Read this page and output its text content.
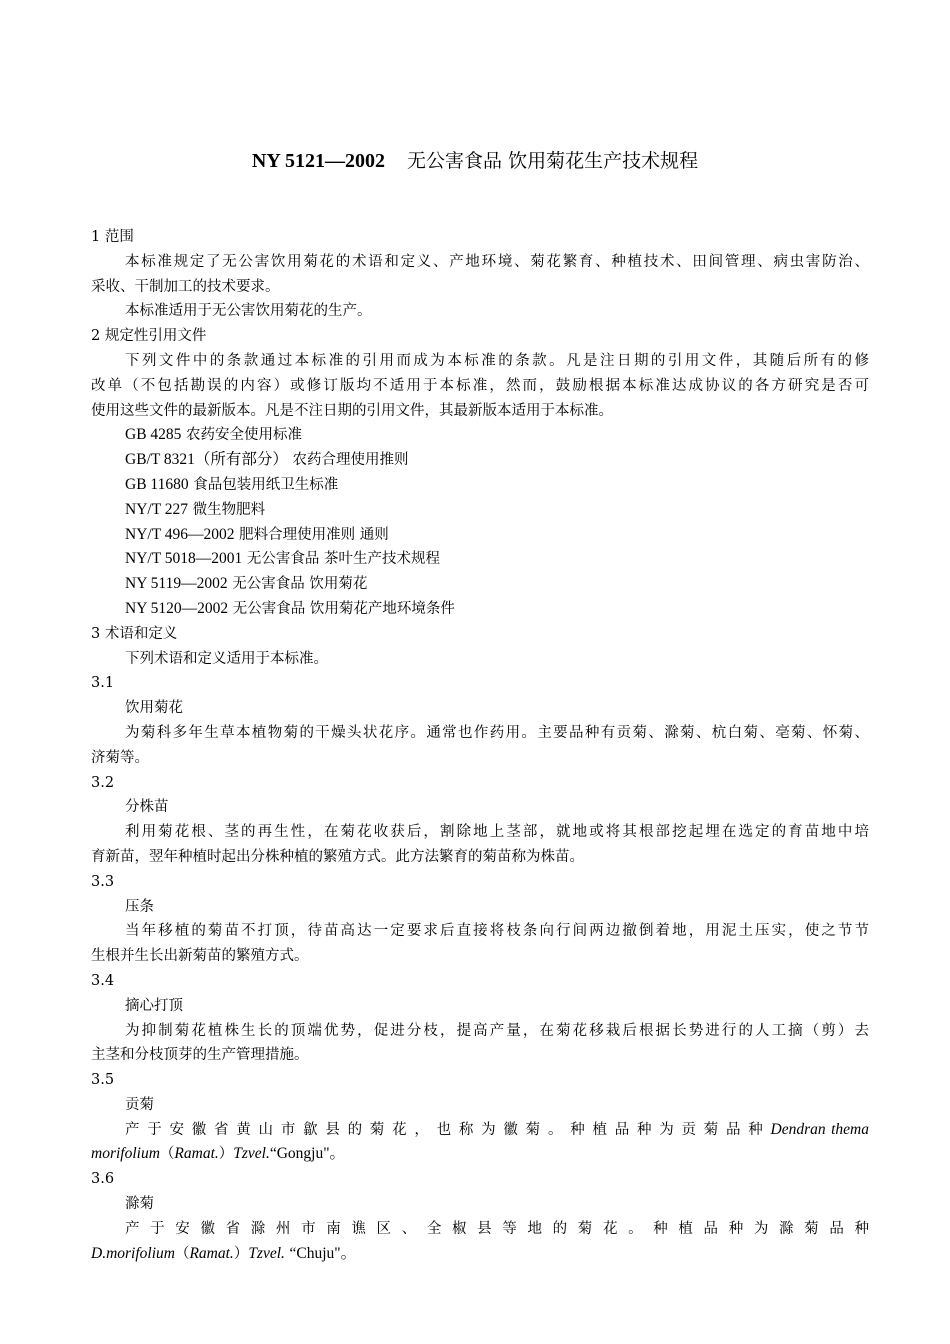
NY 5121—2002 无公害食品 饮用菊花生产技术规程
1 范围
本标准规定了无公害饮用菊花的术语和定义、产地环境、菊花繁育、种植技术、田间管理、病虫害防治、
采收、干制加工的技术要求。
本标准适用于无公害饮用菊花的生产。
2 规定性引用文件
下列文件中的条款通过本标准的引用而成为本标准的条款。凡是注日期的引用文件，其随后所有的修
改单（不包括勘误的内容）或修订版均不适用于本标准，然而，鼓励根据本标准达成协议的各方研究是否可
使用这些文件的最新版本。凡是不注日期的引用文件，其最新版本适用于本标准。
GB 4285 农药安全使用标准
GB/T 8321（所有部分） 农药合理使用推则
GB 11680 食品包装用纸卫生标准
NY/T 227 微生物肥料
NY/T 496—2002 肥料合理使用准则 通则
NY/T 5018—2001 无公害食品 茶叶生产技术规程
NY 5119—2002 无公害食品 饮用菊花
NY 5120—2002 无公害食品 饮用菊花产地环境条件
3 术语和定义
下列术语和定义适用于本标准。
3.1
饮用菊花
为菊科多年生草本植物菊的干燥头状花序。通常也作药用。主要品种有贡菊、滁菊、杭白菊、亳菊、怀菊、
济菊等。
3.2
分株苗
利用菊花根、茎的再生性，在菊花收获后，割除地上茎部，就地或将其根部挖起埋在选定的育苗地中培
育新苗，翌年种植时起出分株种植的繁殖方式。此方法繁育的菊苗称为株苗。
3.3
压条
当年移植的菊苗不打顶，待苗高达一定要求后直接将枝条向行间两边撤倒着地，用泥土压实，使之节节
生根并生长出新菊苗的繁殖方式。
3.4
摘心打顶
为抑制菊花植株生长的顶端优势，促进分枝，提高产量，在菊花移栽后根据长势进行的人工摘（剪）去
主茎和分枝顶芽的生产管理措施。
3.5
贡菊
产 于 安 徽 省 黄 山 市 歙 县 的 菊 花 ， 也 称 为 徽 菊 。 种 植 品 种 为 贡 菊 品 种 Dendran thema
morifolium（Ramat.）Tzvel.“Gongju"。
3.6
滁菊
产 于 安 徽 省 滁 州 市 南 谯 区 、 全 椒 县 等 地 的 菊 花 。 种 植 品 种 为 滁 菊 品 种
D.morifolium（Ramat.）Tzvel. “Chuju"。
